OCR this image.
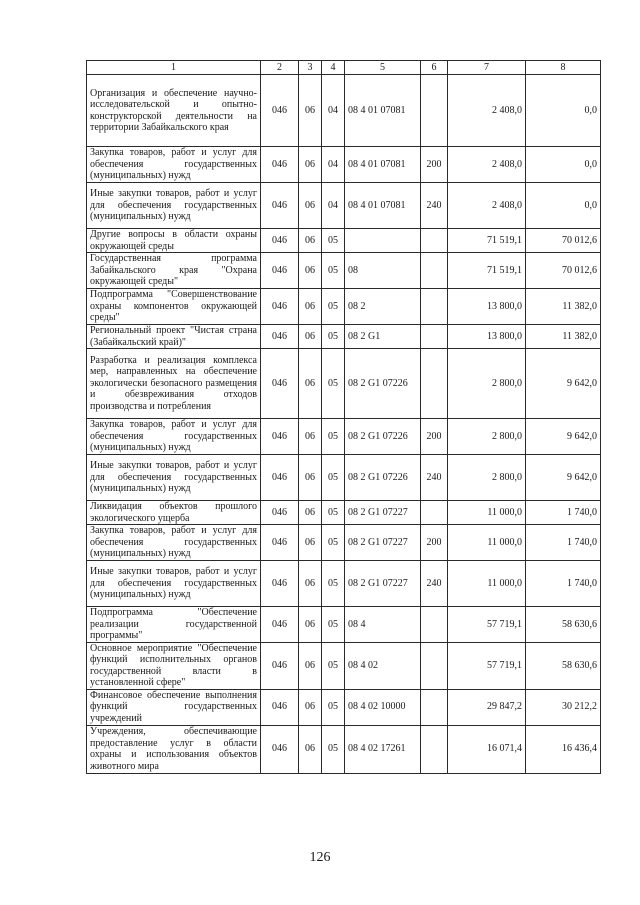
1	2	3	4	5	6	7	8
Организация и обеспечение научно-исследовательской и опытно-конструкторской деятельности на территории Забайкальского края	046	06	04	08 4 01 07081		2 408,0	0,0
Закупка товаров, работ и услуг для обеспечения государственных (муниципальных) нужд	046	06	04	08 4 01 07081	200	2 408,0	0,0
Иные закупки товаров, работ и услуг для обеспечения государственных (муниципальных) нужд	046	06	04	08 4 01 07081	240	2 408,0	0,0
Другие вопросы в области охраны окружающей среды	046	06	05			71 519,1	70 012,6
Государственная программа Забайкальского края "Охрана окружающей среды"	046	06	05	08		71 519,1	70 012,6
Подпрограмма "Совершенствование охраны компонентов окружающей среды"	046	06	05	08 2		13 800,0	11 382,0
Региональный проект "Чистая страна (Забайкальский край)"	046	06	05	08 2 G1		13 800,0	11 382,0
Разработка и реализация комплекса мер, направленных на обеспечение экологически безопасного размещения и обезвреживания отходов производства и потребления	046	06	05	08 2 G1 07226		2 800,0	9 642,0
Закупка товаров, работ и услуг для обеспечения государственных (муниципальных) нужд	046	06	05	08 2 G1 07226	200	2 800,0	9 642,0
Иные закупки товаров, работ и услуг для обеспечения государственных (муниципальных) нужд	046	06	05	08 2 G1 07226	240	2 800,0	9 642,0
Ликвидация объектов прошлого экологического ущерба	046	06	05	08 2 G1 07227		11 000,0	1 740,0
Закупка товаров, работ и услуг для обеспечения государственных (муниципальных) нужд	046	06	05	08 2 G1 07227	200	11 000,0	1 740,0
Иные закупки товаров, работ и услуг для обеспечения государственных (муниципальных) нужд	046	06	05	08 2 G1 07227	240	11 000,0	1 740,0
Подпрограмма "Обеспечение реализации государственной программы"	046	06	05	08 4		57 719,1	58 630,6
Основное мероприятие "Обеспечение функций исполнительных органов государственной власти в установленной сфере"	046	06	05	08 4 02		57 719,1	58 630,6
Финансовое обеспечение выполнения функций государственных учреждений	046	06	05	08 4 02 10000		29 847,2	30 212,2
Учреждения, обеспечивающие предоставление услуг в области охраны и использования объектов животного мира	046	06	05	08 4 02 17261		16 071,4	16 436,4
126
